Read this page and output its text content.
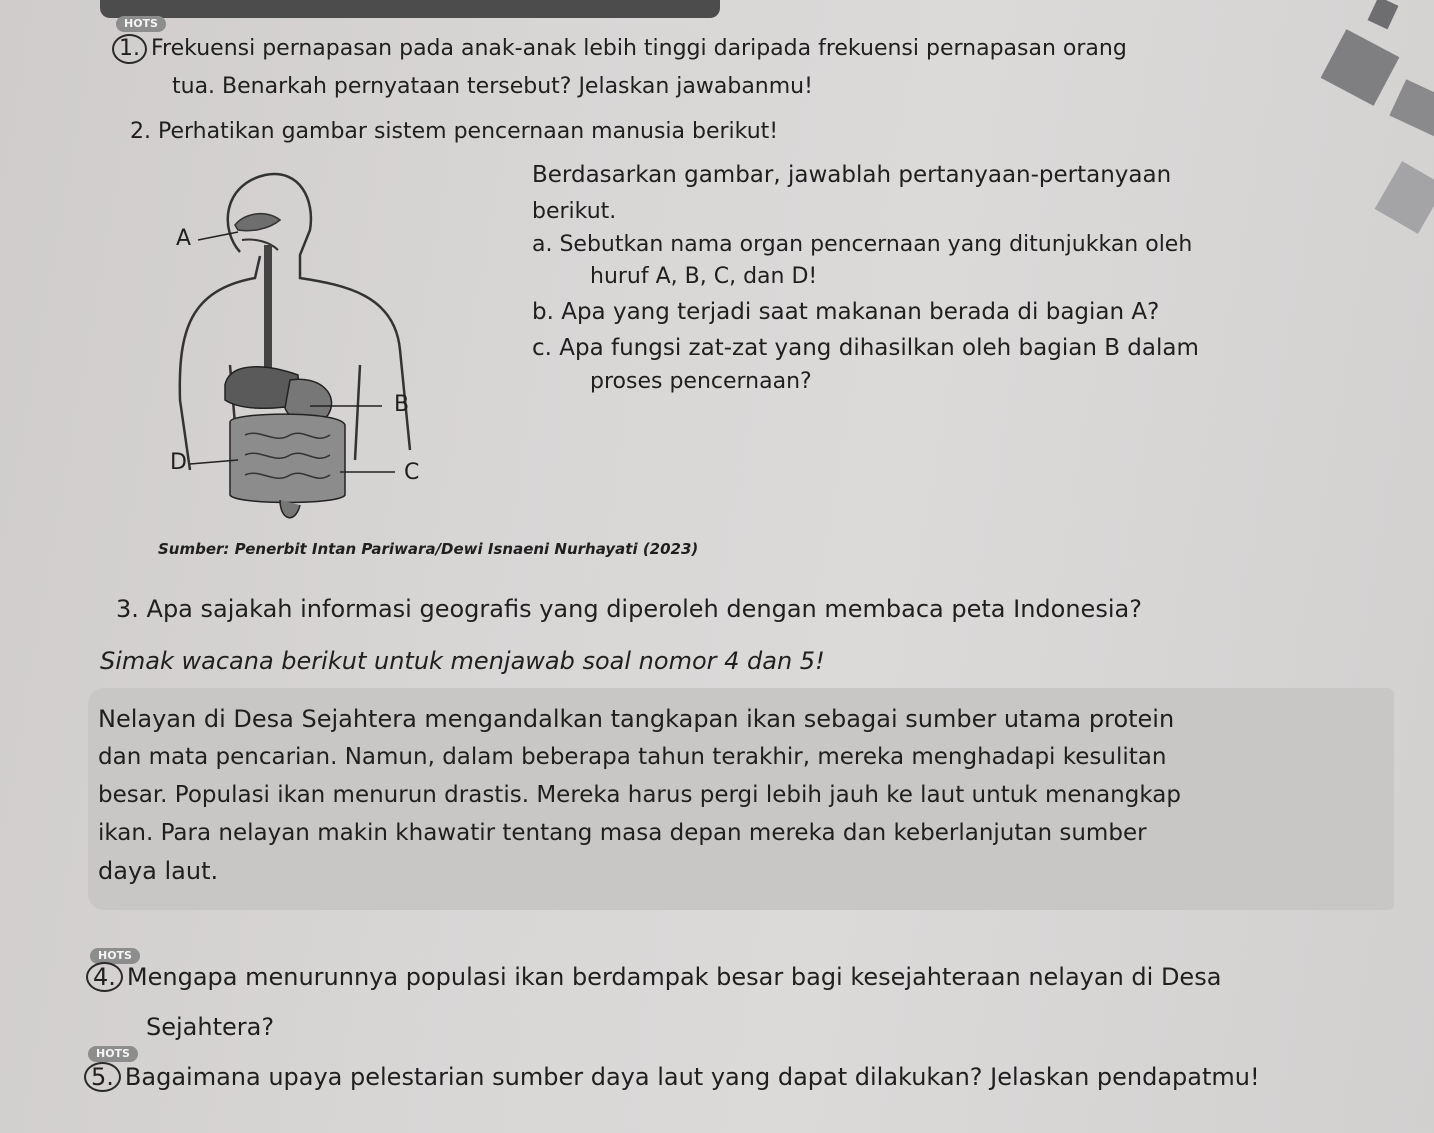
HOTS
1. Frekuensi pernapasan pada anak-anak lebih tinggi daripada frekuensi pernapasan orang
tua. Benarkah pernyataan tersebut? Jelaskan jawabanmu!
2. Perhatikan gambar sistem pencernaan manusia berikut!
Berdasarkan gambar, jawablah pertanyaan-pertanyaan
berikut.
a. Sebutkan nama organ pencernaan yang ditunjukkan oleh
huruf A, B, C, dan D!
b. Apa yang terjadi saat makanan berada di bagian A?
c. Apa fungsi zat-zat yang dihasilkan oleh bagian B dalam
proses pencernaan?
A
B
C
D
Sumber: Penerbit Intan Pariwara/Dewi Isnaeni Nurhayati (2023)
3. Apa sajakah informasi geografis yang diperoleh dengan membaca peta Indonesia?
Simak wacana berikut untuk menjawab soal nomor 4 dan 5!
Nelayan di Desa Sejahtera mengandalkan tangkapan ikan sebagai sumber utama protein
dan mata pencarian. Namun, dalam beberapa tahun terakhir, mereka menghadapi kesulitan
besar. Populasi ikan menurun drastis. Mereka harus pergi lebih jauh ke laut untuk menangkap
ikan. Para nelayan makin khawatir tentang masa depan mereka dan keberlanjutan sumber
daya laut.
HOTS
4. Mengapa menurunnya populasi ikan berdampak besar bagi kesejahteraan nelayan di Desa
Sejahtera?
HOTS
5. Bagaimana upaya pelestarian sumber daya laut yang dapat dilakukan? Jelaskan pendapatmu!
